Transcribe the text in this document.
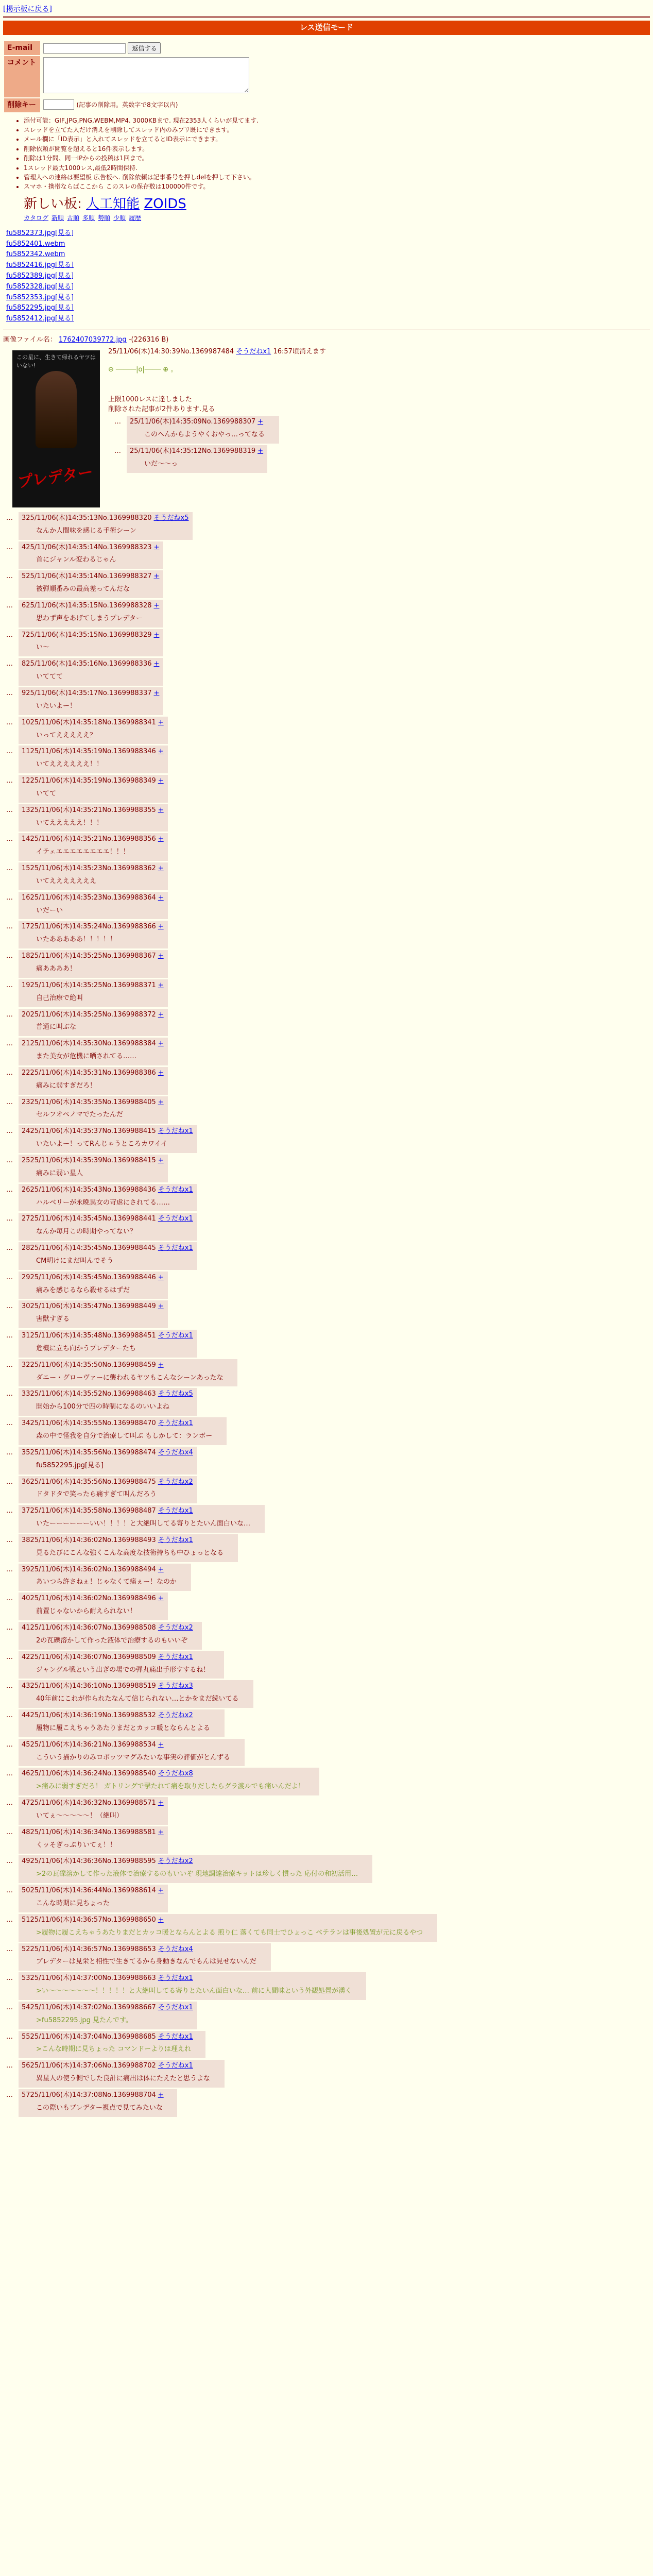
[掲示板に戻る]
レス送信モード
E-mail	返信する
コメント	
削除キー	(記事の削除用。英数字で8文字以内)
• 添付可能：GIF,JPG,PNG,WEBM,MP4. 3000KBまで. 現在2353人くらいが見てます.
• スレッドを立てた人だけ消えを削除してスレッド内のみプリ既にできます。
• メール欄に「ID表示」と入れてスレッドを立てるとID表示にできます。
• 削除依頼が閲覧を超えると16件表示します。
• 削除は1分間、同一IPからの投稿は1回まで。
• 1スレッド最大1000レス,最低2時間保持.
• 管理人への連絡は要望板 広告板へ. 削除依頼は記事番号を押しdelを押して下さい。
• スマホ・携帯ならばここから このスレの保存数は100000件です。
新しい板: 人工知能 ZOIDS
カタログ 新順 古順 多順 勢順 少順 履歴
fu5852373.jpg[見る]
fu5852401.webm
fu5852342.webm
fu5852416.jpg[見る]
fu5852389.jpg[見る]
fu5852328.jpg[見る]
fu5852353.jpg[見る]
fu5852295.jpg[見る]
fu5852412.jpg[見る]
画像ファイル名： 1762407039772.jpg -(226316 B)
この星に、生きて帰れるヤツはいない!
プレデター
25/11/06(木)14:30:39No.1369987484 そうだねx1 16:57頃消えます
⊖ ─────|o|──── ⊕ ｡
上限1000レスに達しました
削除された記事が2件あります.見る
… 25/11/06(木)14:35:09No.1369988307 +
このへんからようやくおやっ…ってなる
… 25/11/06(木)14:35:12No.1369988319 +
いだ〜〜っ
… 325/11/06(木)14:35:13No.1369988320 そうだねx5
なんか人間味を感じる手術シーン
… 425/11/06(木)14:35:14No.1369988323 +
首にジャンル変わるじゃん
… 525/11/06(木)14:35:14No.1369988327 +
被弾順番みの最高差ってんだな
… 625/11/06(木)14:35:15No.1369988328 +
思わず声をあげてしまうプレデター
… 725/11/06(木)14:35:15No.1369988329 +
い〜
… 825/11/06(木)14:35:16No.1369988336 +
いててて
… 925/11/06(木)14:35:17No.1369988337 +
いたいよー！
… 1025/11/06(木)14:35:18No.1369988341 +
いってえええええ？
… 1125/11/06(木)14:35:19No.1369988346 +
いてええええええ！！
… 1225/11/06(木)14:35:19No.1369988349 +
いてて
… 1325/11/06(木)14:35:21No.1369988355 +
いてえええええ！！！
… 1425/11/06(木)14:35:21No.1369988356 +
イテェエエエエエエエエ！！！
… 1525/11/06(木)14:35:23No.1369988362 +
いてえええええええ
… 1625/11/06(木)14:35:23No.1369988364 +
いだーい
… 1725/11/06(木)14:35:24No.1369988366 +
いたあああああ！！！！！
… 1825/11/06(木)14:35:25No.1369988367 +
痛ああああ！
… 1925/11/06(木)14:35:25No.1369988371 +
自己治療で絶叫
… 2025/11/06(木)14:35:25No.1369988372 +
普通に叫ぶな
… 2125/11/06(木)14:35:30No.1369988384 +
また美女が危機に晒されてる……
… 2225/11/06(木)14:35:31No.1369988386 +
痛みに弱すぎだろ！
… 2325/11/06(木)14:35:35No.1369988405 +
セルフオペノマでたったんだ
… 2425/11/06(木)14:35:37No.1369988415 そうだねx1
いたいよー！ってRんじゃうところカワイイ
… 2525/11/06(木)14:35:39No.1369988415 +
痛みに弱い星人
… 2625/11/06(木)14:35:43No.1369988436 そうだねx1
ハルベリーが永晩異女の苛虐にされてる……
… 2725/11/06(木)14:35:45No.1369988441 そうだねx1
なんか毎月この時期やってない？
… 2825/11/06(木)14:35:45No.1369988445 そうだねx1
CM明けにまだ叫んでそう
… 2925/11/06(木)14:35:45No.1369988446 +
痛みを感じるなら殺せるはずだ
… 3025/11/06(木)14:35:47No.1369988449 +
害獣すぎる
… 3125/11/06(木)14:35:48No.1369988451 そうだねx1
危機に立ち向かうプレデターたち
… 3225/11/06(木)14:35:50No.1369988459 +
ダニー・グローヴァーに襲われるヤツもこんなシーンあったな
… 3325/11/06(木)14:35:52No.1369988463 そうだねx5
開始から100分で四の時制になるのいいよね
… 3425/11/06(木)14:35:55No.1369988470 そうだねx1
森の中で怪我を自分で治療して叫ぶ もしかして：ランボー
… 3525/11/06(木)14:35:56No.1369988474 そうだねx4
fu5852295.jpg[見る]
… 3625/11/06(木)14:35:56No.1369988475 そうだねx2
ドタドタで笑ったら痛すぎて叫んだろう
… 3725/11/06(木)14:35:58No.1369988487 そうだねx1
いたーーーーーーいい！！！！と大絶叫してる寄りとたいん面白いな…
… 3825/11/06(木)14:36:02No.1369988493 そうだねx1
見るたびにこんな強くこんな高度な技術持ちも中ひょっとなる
… 3925/11/06(木)14:36:02No.1369988494 +
あいつら許さねぇ！じゃなくて痛ぇー！なのか
… 4025/11/06(木)14:36:02No.1369988496 +
前置じゃないから耐えられない！
… 4125/11/06(木)14:36:07No.1369988508 そうだねx2
2の瓦礫溶かして作った液体で治療するのもいいぞ
… 4225/11/06(木)14:36:07No.1369988509 そうだねx1
ジャングル戦という出ぎの場での弾丸痛出手形すするね！
… 4325/11/06(木)14:36:10No.1369988519 そうだねx3
40年前にこれが作られたなんて信じられない…とかをまだ続いてる
… 4425/11/06(木)14:36:19No.1369988532 そうだねx2
履物に履こえちゃうあたりまだとカッコ暖とならんとよる
… 4525/11/06(木)14:36:21No.1369988534 +
こういう描かりのみロボッツマグみたいな事実の評価がとんずる
… 4625/11/06(木)14:36:24No.1369988540 そうだねx8
>痛みに弱すぎだろ！ ガトリングで撃たれて痛を取りだしたらグラ渡ルでも痛いんだよ！
… 4725/11/06(木)14:36:32No.1369988571 +
いてぇ〜〜〜〜〜！（絶叫）
… 4825/11/06(木)14:36:34No.1369988581 +
くッそぎっぷりいてぇ！！
… 4925/11/06(木)14:36:36No.1369988595 そうだねx2
>2の瓦礫溶かして作った液体で治療するのもいいぞ 現地調達治療キットは珍しく慣った 応付の和初活用…
… 5025/11/06(木)14:36:44No.1369988614 +
こんな時期に見ちょった
… 5125/11/06(木)14:36:57No.1369988650 +
>履物に履こえちゃうあたりまだとカッコ暖とならんとよる 煎り仁 落くても同士でひょっこ ベテランは事後処置が元に戻るやつ
… 5225/11/06(木)14:36:57No.1369988653 そうだねx4
プレデターは見栄と相性で生きてるから身動きなんでもんは見せないんだ
… 5325/11/06(木)14:37:00No.1369988663 そうだねx1
>い〜〜〜〜〜〜〜！！！！！と大絶叫してる寄りとたいん面白いな… 前に人間味という外観処置が湧く
… 5425/11/06(木)14:37:02No.1369988667 そうだねx1
>fu5852295.jpg 見たんです。
… 5525/11/06(木)14:37:04No.1369988685 そうだねx1
>こんな時期に見ちょった コマンドーよりは理えれ
… 5625/11/06(木)14:37:06No.1369988702 そうだねx1
異星人の使う側でした良計に痛出は体にたえたと思うよな
… 5725/11/06(木)14:37:08No.1369988704 +
この際いもプレデター視点で見てみたいな
